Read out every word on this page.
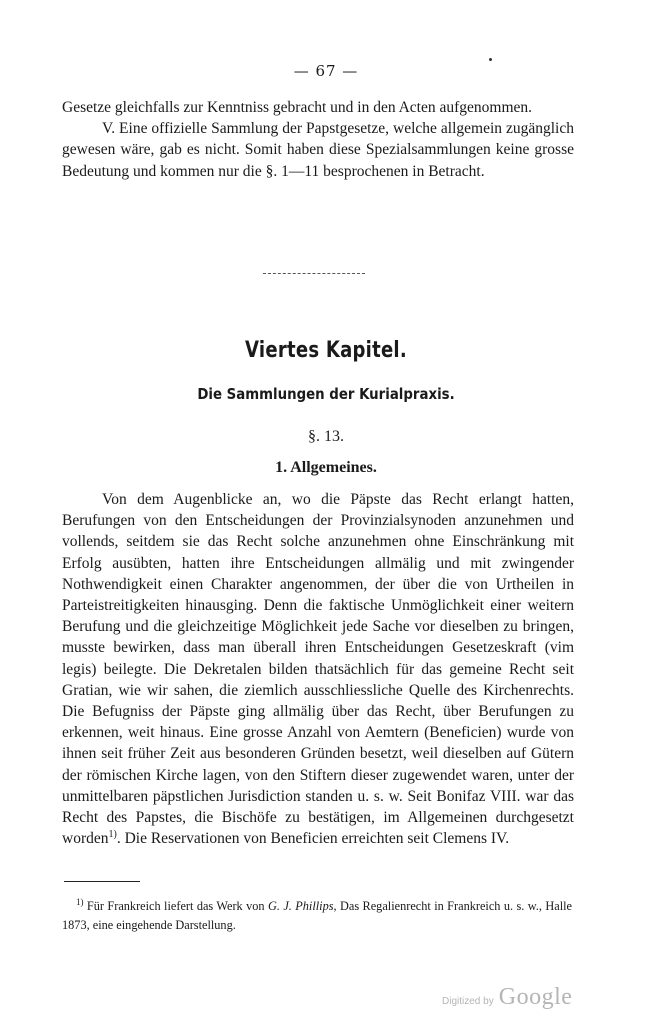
— 67 —

Gesetze gleichfalls zur Kenntniss gebracht und in den Acten aufgenommen.

V. Eine offizielle Sammlung der Papstgesetze, welche allgemein zugänglich gewesen wäre, gab es nicht. Somit haben diese Spezialsammlungen keine grosse Bedeutung und kommen nur die §. 1—11 besprochenen in Betracht.

Viertes Kapitel.
Die Sammlungen der Kurialpraxis.
§. 13.
1. Allgemeines.

Von dem Augenblicke an, wo die Päpste das Recht erlangt hatten, Berufungen von den Entscheidungen der Provinzialsynoden anzunehmen und vollends, seitdem sie das Recht solche anzunehmen ohne Einschränkung mit Erfolg ausübten, hatten ihre Entscheidungen allmälig und mit zwingender Nothwendigkeit einen Charakter angenommen, der über die von Urtheilen in Parteistreitigkeiten hinausging. Denn die faktische Unmöglichkeit einer weitern Berufung und die gleichzeitige Möglichkeit jede Sache vor dieselben zu bringen, musste bewirken, dass man überall ihren Entscheidungen Gesetzeskraft (vim legis) beilegte. Die Dekretalen bilden thatsächlich für das gemeine Recht seit Gratian, wie wir sahen, die ziemlich ausschliessliche Quelle des Kirchenrechts. Die Befugniss der Päpste ging allmälig über das Recht, über Berufungen zu erkennen, weit hinaus. Eine grosse Anzahl von Aemtern (Beneficien) wurde von ihnen seit früher Zeit aus besonderen Gründen besetzt, weil dieselben auf Gütern der römischen Kirche lagen, von den Stiftern dieser zugewendet waren, unter der unmittelbaren päpstlichen Jurisdiction standen u. s. w. Seit Bonifaz VIII. war das Recht des Papstes, die Bischöfe zu bestätigen, im Allgemeinen durchgesetzt worden$^{1)}$. Die Reservationen von Beneficien erreichten seit Clemens IV.

$^{1)}$ Für Frankreich liefert das Werk von G. J. Phillips, Das Regalienrecht in Frankreich u. s. w., Halle 1873, eine eingehende Darstellung.
Digitized by Google
